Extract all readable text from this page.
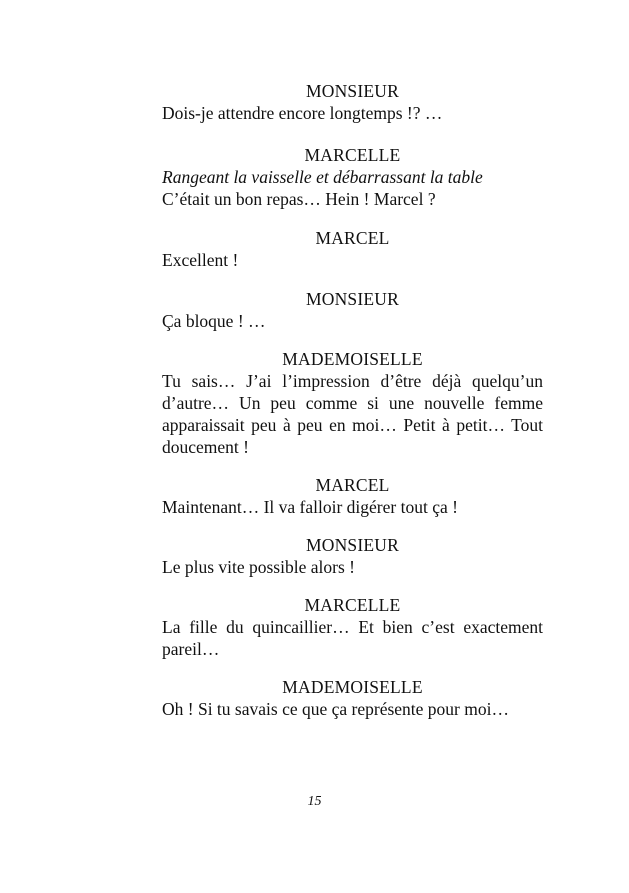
MONSIEUR
Dois-je attendre encore longtemps !? …
MARCELLE
Rangeant la vaisselle et débarrassant la table
C’était un bon repas… Hein ! Marcel ?
MARCEL
Excellent !
MONSIEUR
Ça bloque ! …
MADEMOISELLE
Tu sais… J’ai l’impression d’être déjà quelqu’un d’autre… Un peu comme si une nouvelle femme apparaissait peu à peu en moi… Petit à petit… Tout doucement !
MARCEL
Maintenant… Il va falloir digérer tout ça !
MONSIEUR
Le plus vite possible alors !
MARCELLE
La fille du quincaillier… Et bien c’est exactement pareil…
MADEMOISELLE
Oh ! Si tu savais ce que ça représente pour moi…
15
